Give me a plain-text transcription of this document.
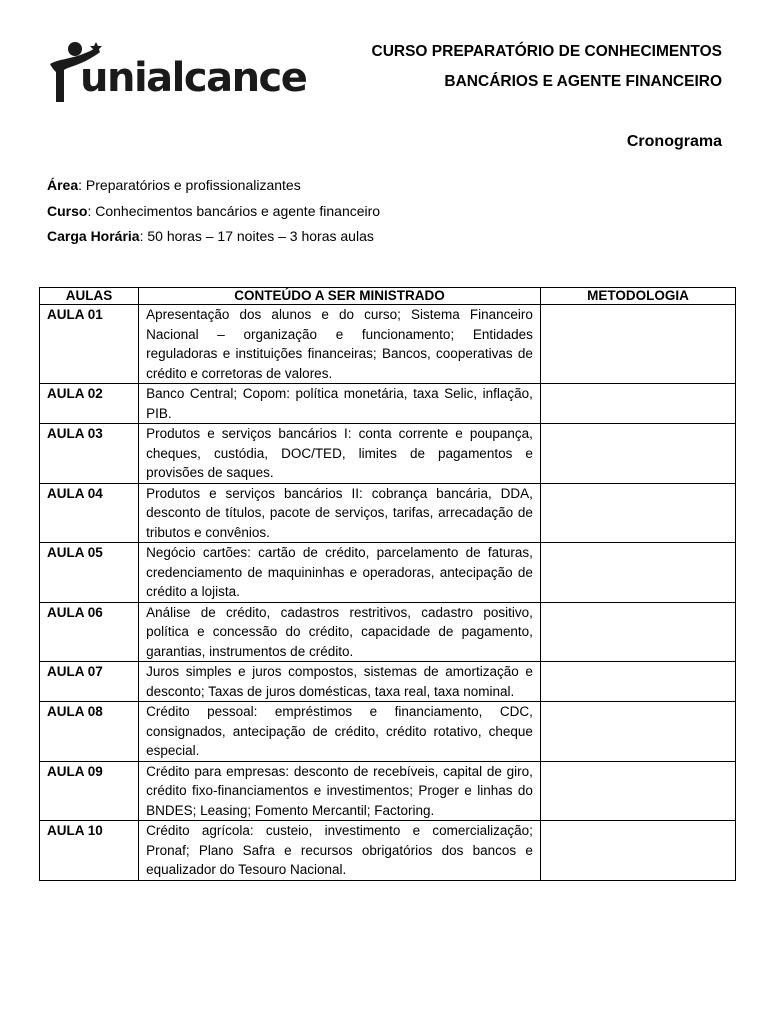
unialcance
CURSO PREPARATÓRIO DE CONHECIMENTOS
BANCÁRIOS E AGENTE FINANCEIRO
Cronograma
Área: Preparatórios e profissionalizantes
Curso: Conhecimentos bancários e agente financeiro
Carga Horária: 50 horas – 17 noites – 3 horas aulas
AULAS	CONTEÚDO A SER MINISTRADO	METODOLOGIA
AULA 01	Apresentação dos alunos e do curso; Sistema Financeiro Nacional – organização e funcionamento; Entidades reguladoras e instituições financeiras; Bancos, cooperativas de crédito e corretoras de valores.	
AULA 02	Banco Central; Copom: política monetária, taxa Selic, inflação, PIB.	
AULA 03	Produtos e serviços bancários I: conta corrente e poupança, cheques, custódia, DOC/TED, limites de pagamentos e provisões de saques.	
AULA 04	Produtos e serviços bancários II: cobrança bancária, DDA, desconto de títulos, pacote de serviços, tarifas, arrecadação de tributos e convênios.	
AULA 05	Negócio cartões: cartão de crédito, parcelamento de faturas, credenciamento de maquininhas e operadoras, antecipação de crédito a lojista.	
AULA 06	Análise de crédito, cadastros restritivos, cadastro positivo, política e concessão do crédito, capacidade de pagamento, garantias, instrumentos de crédito.	
AULA 07	Juros simples e juros compostos, sistemas de amortização e desconto; Taxas de juros domésticas, taxa real, taxa nominal.	
AULA 08	Crédito pessoal: empréstimos e financiamento, CDC, consignados, antecipação de crédito, crédito rotativo, cheque especial.	
AULA 09	Crédito para empresas: desconto de recebíveis, capital de giro, crédito fixo-financiamentos e investimentos; Proger e linhas do BNDES; Leasing; Fomento Mercantil; Factoring.	
AULA 10	Crédito agrícola: custeio, investimento e comercialização; Pronaf; Plano Safra e recursos obrigatórios dos bancos e equalizador do Tesouro Nacional.	
